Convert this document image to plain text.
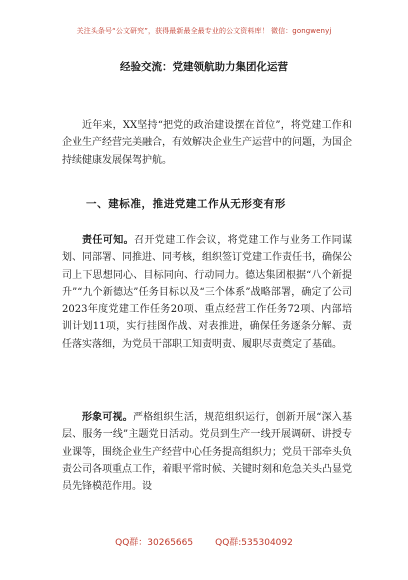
关注头条号“公文研究”，获得最新最全最专业的公文资料库！ 微信：gongwenyj
经验交流：党建领航助力集团化运营
近年来，XX坚持“把党的政治建设摆在首位”，将党建工作和企业生产经营完美融合，有效解决企业生产运营中的问题，为国企持续健康发展保驾护航。
一、建标准，推进党建工作从无形变有形
责任可知。召开党建工作会议，将党建工作与业务工作同谋划、同部署、同推进、同考核，组织签订党建工作责任书，确保公司上下思想同心、目标同向、行动同力。德达集团根据“八个新提升”“九个新德达”任务目标以及“三个体系”战略部署，确定了公司2023年度党建工作任务20项、重点经营工作任务72项、内部培训计划11项，实行挂图作战、对表推进，确保任务逐条分解、责任落实落细，为党员干部职工知责明责、履职尽责奠定了基础。
形象可视。严格组织生活，规范组织运行，创新开展“深入基层、服务一线”主题党日活动。党员到生产一线开展调研、讲授专业课等，围绕企业生产经营中心任务提高组织力；党员干部牵头负责公司各项重点工作，着眼平常时候、关键时刻和危急关头凸显党员先锋模范作用。设
QQ群：30265665 QQ群:535304092
